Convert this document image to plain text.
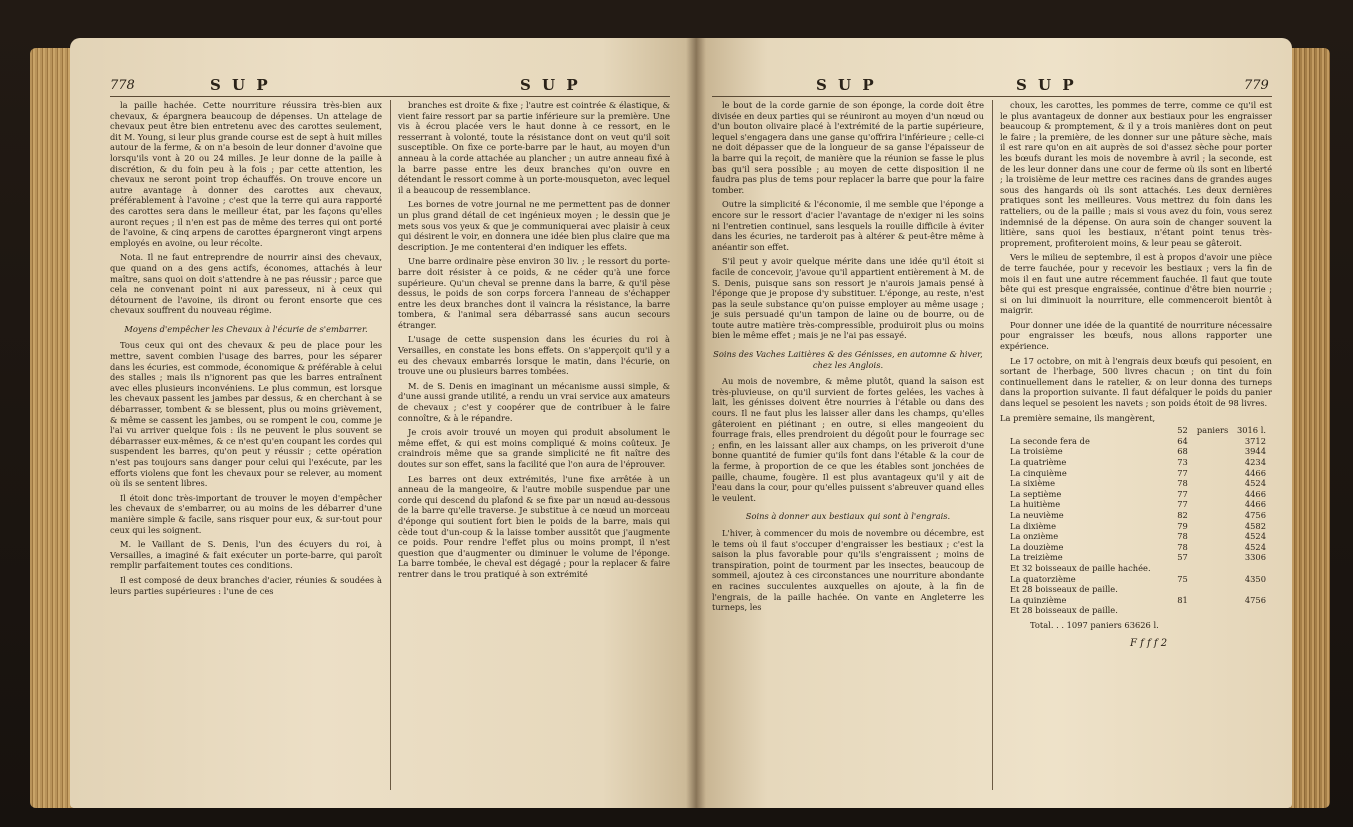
778	S U P	S U P

la paille hachée. Cette nourriture réussira très-bien aux chevaux, & épargnera beaucoup de dépenses. Un attelage de chevaux peut être bien entretenu avec des carottes seulement, dit M. Young, si leur plus grande course est de sept à huit milles autour de la ferme, & on n'a besoin de leur donner d'avoine que lorsqu'ils vont à 20 ou 24 milles. Je leur donne de la paille à discrétion, & du foin peu à la fois ; par cette attention, les chevaux ne seront point trop échauffés. On trouve encore un autre avantage à donner des carottes aux chevaux, préférablement à l'avoine ; c'est que la terre qui aura rapporté des carottes sera dans le meilleur état, par les façons qu'elles auront reçues ; il n'en est pas de même des terres qui ont porté de l'avoine, & cinq arpens de carottes épargneront vingt arpens employés en avoine, ou leur récolte.

Nota. Il ne faut entreprendre de nourrir ainsi des chevaux, que quand on a des gens actifs, économes, attachés à leur maître, sans quoi on doit s'attendre à ne pas réussir ; parce que cela ne convenant point ni aux paresseux, ni à ceux qui détournent de l'avoine, ils diront ou feront ensorte que ces chevaux souffrent du nouveau régime.

Moyens d'empêcher les Chevaux à l'écurie de s'embarrer.

Tous ceux qui ont des chevaux & peu de place pour les mettre, savent combien l'usage des barres, pour les séparer dans les écuries, est commode, économique & préférable à celui des stalles ; mais ils n'ignorent pas que les barres entraînent avec elles plusieurs inconvéniens. Le plus commun, est lorsque les chevaux passent les jambes par dessus, & en cherchant à se débarrasser, tombent & se blessent, plus ou moins grièvement, & même se cassent les jambes, ou se rompent le cou, comme je l'ai vu arriver quelque fois : ils ne peuvent le plus souvent se débarrasser eux-mêmes, & ce n'est qu'en coupant les cordes qui suspendent les barres, qu'on peut y réussir ; cette opération n'est pas toujours sans danger pour celui qui l'exécute, par les efforts violens que font les chevaux pour se relever, au moment où ils se sentent libres.

Il étoit donc très-important de trouver le moyen d'empêcher les chevaux de s'embarrer, ou au moins de les débarrer d'une manière simple & facile, sans risquer pour eux, & sur-tout pour ceux qui les soignent.

M. le Vaillant de S. Denis, l'un des écuyers du roi, à Versailles, a imaginé & fait exécuter un porte-barre, qui paroît remplir parfaitement toutes ces conditions.

Il est composé de deux branches d'acier, réunies & soudées à leurs parties supérieures : l'une de ces

branches est droite & fixe ; l'autre est cointrée & élastique, & vient faire ressort par sa partie inférieure sur la première. Une vis à écrou placée vers le haut donne à ce ressort, en le resserrant à volonté, toute la résistance dont on veut qu'il soit susceptible. On fixe ce porte-barre par le haut, au moyen d'un anneau à la corde attachée au plancher ; un autre anneau fixé à la barre passe entre les deux branches qu'on ouvre en détendant le ressort comme à un porte-mousqueton, avec lequel il a beaucoup de ressemblance.

Les bornes de votre journal ne me permettent pas de donner un plus grand détail de cet ingénieux moyen ; le dessin que je mets sous vos yeux & que je communiquerai avec plaisir à ceux qui désirent le voir, en donnera une idée bien plus claire que ma description. Je me contenterai d'en indiquer les effets.

Une barre ordinaire pèse environ 30 liv. ; le ressort du porte-barre doit résister à ce poids, & ne céder qu'à une force supérieure. Qu'un cheval se prenne dans la barre, & qu'il pèse dessus, le poids de son corps forcera l'anneau de s'échapper entre les deux branches dont il vaincra la résistance, la barre tombera, & l'animal sera débarrassé sans aucun secours étranger.

L'usage de cette suspension dans les écuries du roi à Versailles, en constate les bons effets. On s'apperçoit qu'il y a eu des chevaux embarrés lorsque le matin, dans l'écurie, on trouve une ou plusieurs barres tombées.

M. de S. Denis en imaginant un mécanisme aussi simple, & d'une aussi grande utilité, a rendu un vrai service aux amateurs de chevaux ; c'est y coopérer que de contribuer à le faire connoître, & à le répandre.

Je crois avoir trouvé un moyen qui produit absolument le même effet, & qui est moins compliqué & moins coûteux. Je craindrois même que sa grande simplicité ne fit naître des doutes sur son effet, sans la facilité que l'on aura de l'éprouver.

Les barres ont deux extrémités, l'une fixe arrêtée à un anneau de la mangeoire, & l'autre mobile suspendue par une corde qui descend du plafond & se fixe par un nœud au-dessous de la barre qu'elle traverse. Je substitue à ce nœud un morceau d'éponge qui soutient fort bien le poids de la barre, mais qui cède tout d'un-coup & la laisse tomber aussitôt que j'augmente ce poids. Pour rendre l'effet plus ou moins prompt, il n'est question que d'augmenter ou diminuer le volume de l'éponge. La barre tombée, le cheval est dégagé ; pour la replacer & faire rentrer dans le trou pratiqué à son extrémité

S U P	S U P	779

le bout de la corde garnie de son éponge, la corde doit être divisée en deux parties qui se réuniront au moyen d'un nœud ou d'un bouton olivaire placé à l'extrémité de la partie supérieure, lequel s'engagera dans une ganse qu'offrira l'inférieure ; celle-ci ne doit dépasser que de la longueur de sa ganse l'épaisseur de la barre qui la reçoit, de manière que la réunion se fasse le plus bas qu'il sera possible ; au moyen de cette disposition il ne faudra pas plus de tems pour replacer la barre que pour la faire tomber.

Outre la simplicité & l'économie, il me semble que l'éponge a encore sur le ressort d'acier l'avantage de n'exiger ni les soins ni l'entretien continuel, sans lesquels la rouille difficile à éviter dans les écuries, ne tarderoit pas à altérer & peut-être même à anéantir son effet.

S'il peut y avoir quelque mérite dans une idée qu'il étoit si facile de concevoir, j'avoue qu'il appartient entièrement à M. de S. Denis, puisque sans son ressort je n'aurois jamais pensé à l'éponge que je propose d'y substituer. L'éponge, au reste, n'est pas la seule substance qu'on puisse employer au même usage ; je suis persuadé qu'un tampon de laine ou de bourre, ou de toute autre matière très-compressible, produiroit plus ou moins bien le même effet ; mais je ne l'ai pas essayé.

Soins des Vaches Laitières & des Génisses, en automne & hiver, chez les Anglois.

Au mois de novembre, & même plutôt, quand la saison est très-pluvieuse, on qu'il survient de fortes gelées, les vaches à lait, les génisses doivent être nourries à l'étable ou dans des cours. Il ne faut plus les laisser aller dans les champs, qu'elles gâteroient en piétinant ; en outre, si elles mangeoient du fourrage frais, elles prendroient du dégoût pour le fourrage sec ; enfin, en les laissant aller aux champs, on les priveroit d'une bonne quantité de fumier qu'ils font dans l'étable & la cour de la ferme, à proportion de ce que les étables sont jonchées de paille, chaume, fougère. Il est plus avantageux qu'il y ait de l'eau dans la cour, pour qu'elles puissent s'abreuver quand elles le veulent.

Soins à donner aux bestiaux qui sont à l'engrais.

L'hiver, à commencer du mois de novembre ou décembre, est le tems où il faut s'occuper d'engraisser les bestiaux ; c'est la saison la plus favorable pour qu'ils s'engraissent ; moins de transpiration, point de tourment par les insectes, beaucoup de sommeil, ajoutez à ces circonstances une nourriture abondante en racines succulentes auxquelles on ajoute, à la fin de l'engrais, de la paille hachée. On vante en Angleterre les turneps, les

choux, les carottes, les pommes de terre, comme ce qu'il est le plus avantageux de donner aux bestiaux pour les engraisser beaucoup & promptement, & il y a trois manières dont on peut le faire ; la première, de les donner sur une pâture sèche, mais il est rare qu'on en ait auprès de soi d'assez sèche pour porter les bœufs durant les mois de novembre à avril ; la seconde, est de les leur donner dans une cour de ferme où ils sont en liberté ; la troisième de leur mettre ces racines dans de grandes auges sous des hangards où ils sont attachés. Les deux dernières pratiques sont les meilleures. Vous mettrez du foin dans les ratteliers, ou de la paille ; mais si vous avez du foin, vous serez indemnisé de la dépense. On aura soin de changer souvent la litière, sans quoi les bestiaux, n'étant point tenus très-proprement, profiteroient moins, & leur peau se gâteroit.

Vers le milieu de septembre, il est à propos d'avoir une pièce de terre fauchée, pour y recevoir les bestiaux ; vers la fin de mois il en faut une autre récemment fauchée. Il faut que toute bête qui est presque engraissée, continue d'être bien nourrie ; si on lui diminuoit la nourriture, elle commenceroit bientôt à maigrir.

Pour donner une idée de la quantité de nourriture nécessaire pour engraisser les bœufs, nous allons rapporter une expérience.

Le 17 octobre, on mit à l'engrais deux bœufs qui pesoient, en sortant de l'herbage, 500 livres chacun ; on tint du foin continuellement dans le ratelier, & on leur donna des turneps dans la proportion suivante. Il faut défalquer le poids du panier dans lequel se pesoient les navets ; son poids étoit de 98 livres.

La première semaine, ils mangèrent,

	52	paniers	3016 l.
La seconde fera de	64		3712
La troisième	68		3944
La quatrième	73		4234
La cinquième	77		4466
La sixième	78		4524
La septième	77		4466
La huitième	77		4466
La neuvième	82		4756
La dixième	79		4582
La onzième	78		4524
La douzième	78		4524
La treizième	57		3306
Et 32 boisseaux de paille hachée.			
La quatorzième	75		4350
Et 28 boisseaux de paille.			
La quinzième	81		4756
Et 28 boisseaux de paille.			
Total. . . 1097 paniers 63626 l.
F f f f 2
